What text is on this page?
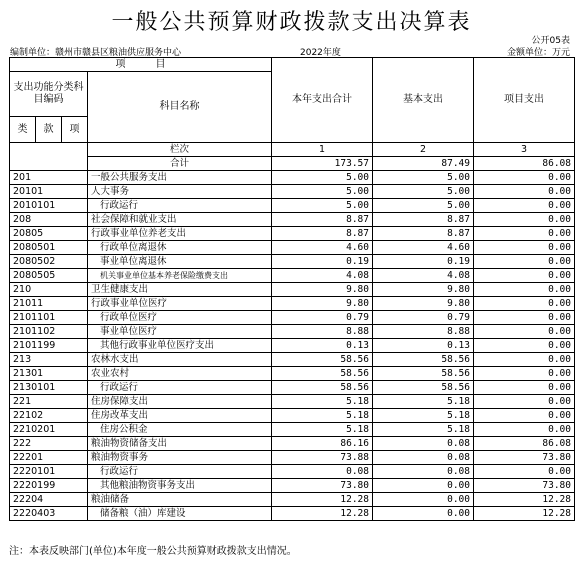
一般公共预算财政拨款支出决算表
公开05表
编制单位：赣州市赣县区粮油供应服务中心	2022年度	金额单位：万元
项　　　目				本年支出合计	基本支出	项目支出
支出功能分类科目编码			科目名称			

类	款	项				
			栏次	1	2	3
			合计	173.57	87.49	86.08
201			一般公共服务支出	5.00	5.00	0.00
20101			人大事务	5.00	5.00	0.00
2010101			行政运行	5.00	5.00	0.00
208			社会保障和就业支出	8.87	8.87	0.00
20805			行政事业单位养老支出	8.87	8.87	0.00
2080501			行政单位离退休	4.60	4.60	0.00
2080502			事业单位离退休	0.19	0.19	0.00
2080505			机关事业单位基本养老保险缴费支出	4.08	4.08	0.00
210			卫生健康支出	9.80	9.80	0.00
21011			行政事业单位医疗	9.80	9.80	0.00
2101101			行政单位医疗	0.79	0.79	0.00
2101102			事业单位医疗	8.88	8.88	0.00
2101199			其他行政事业单位医疗支出	0.13	0.13	0.00
213			农林水支出	58.56	58.56	0.00
21301			农业农村	58.56	58.56	0.00
2130101			行政运行	58.56	58.56	0.00
221			住房保障支出	5.18	5.18	0.00
22102			住房改革支出	5.18	5.18	0.00
2210201			住房公积金	5.18	5.18	0.00
222			粮油物资储备支出	86.16	0.08	86.08
22201			粮油物资事务	73.88	0.08	73.80
2220101			行政运行	0.08	0.08	0.00
2220199			其他粮油物资事务支出	73.80	0.00	73.80
22204			粮油储备	12.28	0.00	12.28
2220403			储备粮（油）库建设	12.28	0.00	12.28
注：本表反映部门(单位)本年度一般公共预算财政拨款支出情况。
